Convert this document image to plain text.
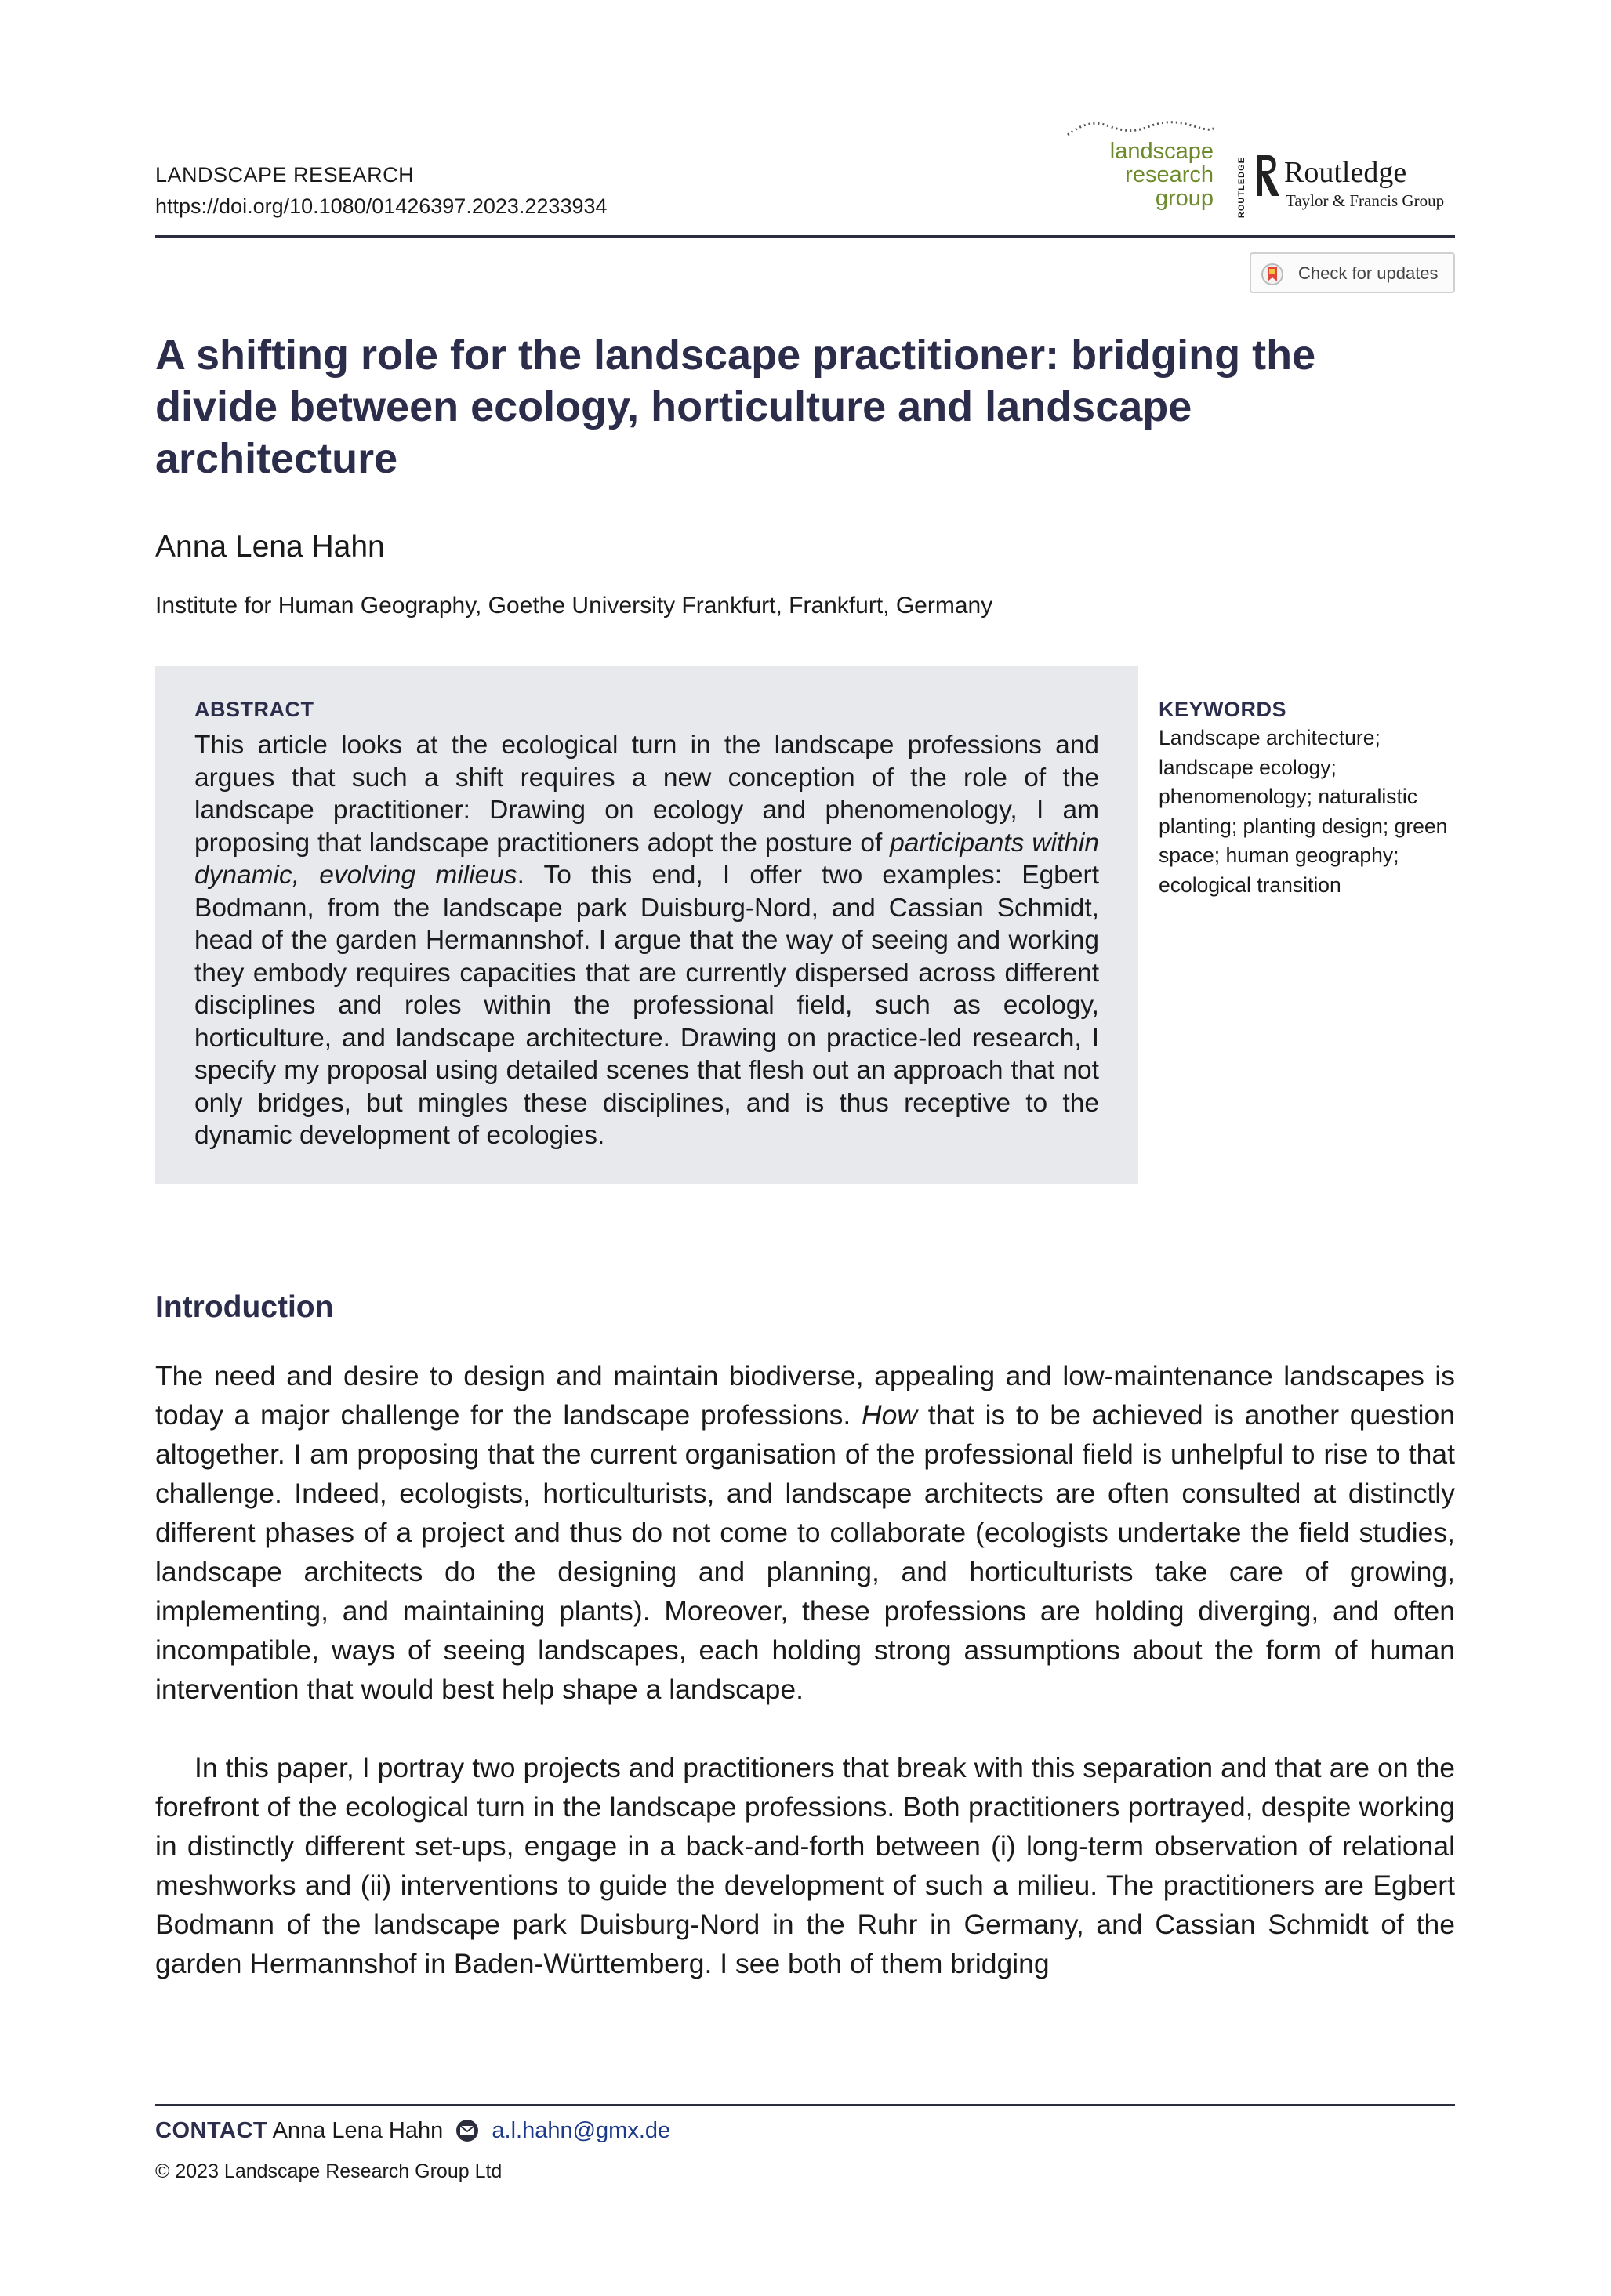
LANDSCAPE RESEARCH
https://doi.org/10.1080/01426397.2023.2233934
landscape
research
group	ROUTLEDGE Routledge
Taylor & Francis Group
Check for updates
A shifting role for the landscape practitioner: bridging the divide between ecology, horticulture and landscape architecture
Anna Lena Hahn
Institute for Human Geography, Goethe University Frankfurt, Frankfurt, Germany
ABSTRACT

This article looks at the ecological turn in the landscape professions and argues that such a shift requires a new conception of the role of the landscape practitioner: Drawing on ecology and phenomenology, I am proposing that landscape practitioners adopt the posture of participants within dynamic, evolving milieus. To this end, I offer two examples: Egbert Bodmann, from the landscape park Duisburg-Nord, and Cassian Schmidt, head of the garden Hermannshof. I argue that the way of seeing and working they embody requires capacities that are currently dispersed across different disciplines and roles within the professional field, such as ecology, horticulture, and landscape architecture. Drawing on practice-led research, I specify my proposal using detailed scenes that flesh out an approach that not only bridges, but mingles these disciplines, and is thus receptive to the dynamic development of ecologies.

KEYWORDS
Landscape architecture; landscape ecology; phenomenology; naturalistic planting; planting design; green space; human geography; ecological transition
Introduction

The need and desire to design and maintain biodiverse, appealing and low-maintenance landscapes is today a major challenge for the landscape professions. How that is to be achieved is another question altogether. I am proposing that the current organisation of the professional field is unhelpful to rise to that challenge. Indeed, ecologists, horticulturists, and landscape architects are often consulted at distinctly different phases of a project and thus do not come to collaborate (ecologists undertake the field studies, landscape architects do the designing and planning, and horticulturists take care of growing, implementing, and maintaining plants). Moreover, these professions are holding diverging, and often incompatible, ways of seeing landscapes, each holding strong assumptions about the form of human intervention that would best help shape a landscape.

In this paper, I portray two projects and practitioners that break with this separation and that are on the forefront of the ecological turn in the landscape professions. Both practitioners portrayed, despite working in distinctly different set-ups, engage in a back-and-forth between (i) long-term observation of relational meshworks and (ii) interventions to guide the development of such a milieu. The practitioners are Egbert Bodmann of the landscape park Duisburg-Nord in the Ruhr in Germany, and Cassian Schmidt of the garden Hermannshof in Baden-Württemberg. I see both of them bridging

CONTACT Anna Lena Hahn a.l.hahn@gmx.de
© 2023 Landscape Research Group Ltd
